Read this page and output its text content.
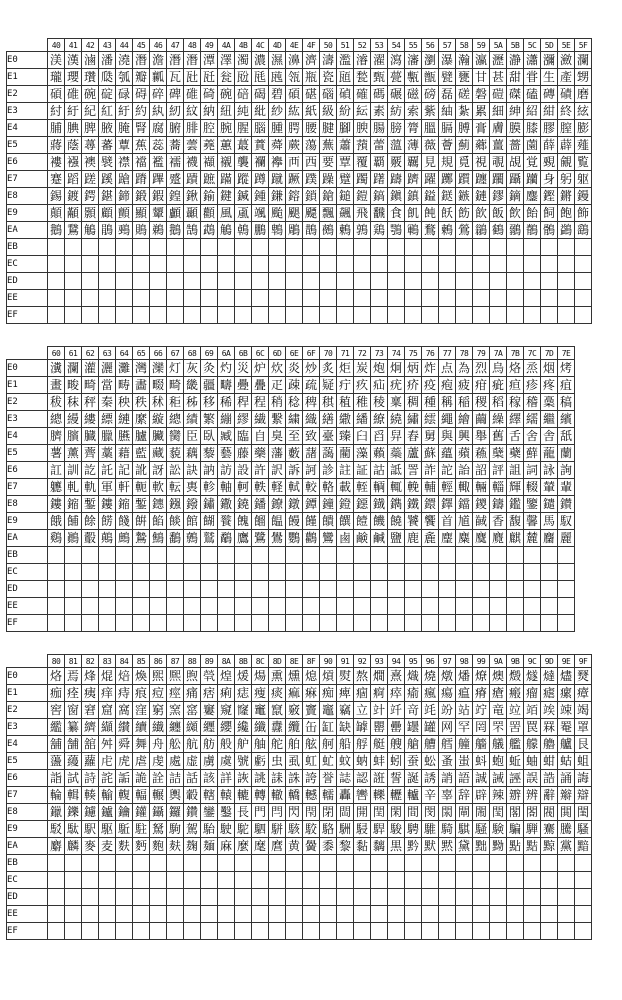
	40	41	42	43	44	45	46	47	48	49	4A	4B	4C	4D	4E	4F	50	51	52	53	54	55	56	57	58	59	5A	5B	5C	5D	5E	5F
E0	渼	漢	滷	潘	澆	潛	澹	潛	潛	潭	澤	濁	濃	濕	濞	濟	濤	濫	濬	濯	瀉	瀋	瀏	瀑	瀚	瀛	瀝	瀞	瀟	瀰	瀲	瀾
E1	瓏	瓔	瓚	瓞	瓠	瓣	瓤	瓦	瓧	瓩	瓮	瓰	瓱	瓲	瓴	瓶	瓷	瓸	甃	甄	甍	甎	甑	甓	甕	甘	甚	甜	甞	生	產	甥
E2	碩	碓	碗	碇	碌	碍	碎	碑	碓	碕	碗	碚	碣	碧	碩	碪	碯	碵	確	碼	碾	磁	磅	磊	磋	磐	磑	磔	磕	磚	磧	磨
E3	紂	紆	紀	紅	紆	約	紈	紉	紋	納	紐	純	紕	紗	紘	紙	級	紛	紜	素	紡	索	紫	紬	紮	累	細	紳	紹	紺	終	絃
E4	脯	腆	脾	腋	腌	腎	腐	腑	腓	腔	腕	腥	腦	腫	腭	腰	腱	腳	腴	腸	膀	膂	膃	膈	膊	膏	膚	膜	膝	膠	膣	膨
E5	蔣	蔭	蕁	蕃	蕈	蕉	蕊	蕎	蕓	蕘	蕙	蕞	蕡	蕣	蕨	蕩	蕪	蕭	蕷	蕾	薀	薄	薇	薈	薊	薌	薑	薔	薗	薛	薜	薤
E6	褸	襁	襖	襞	襟	襠	襤	襦	襪	襭	襯	襲	襴	襷	襾	西	要	覃	覆	覇	覈	覊	見	規	覓	視	覗	覘	覚	覡	覦	覧
E7	蹇	蹈	蹉	蹊	蹌	蹐	蹕	蹙	蹟	蹠	蹣	蹤	蹲	蹴	蹶	蹼	躁	躄	躅	躇	躊	躋	躍	躑	躓	躔	躙	躡	躪	身	躬	躯
E8	錫	鍍	鍔	鍖	鍗	鍛	鍜	鍠	鍬	鍮	鍵	鍼	鍾	鎌	鎔	鎖	鎗	鎚	鎧	鎬	鎭	鎮	鎰	鎹	鏃	鏈	鏐	鏑	鏖	鏗	鏘	鏝
E9	顛	顢	顥	顧	顫	顯	顰	顱	顳	顴	風	颪	颯	颱	颶	飃	飄	飆	飛	飜	食	飢	飩	飫	飭	飮	飯	飲	飴	飼	飽	飾
EA	鵝	鵞	鵤	鵑	鵐	鵙	鵜	鵝	鵠	鵡	鵤	鵫	鵬	鵯	鵰	鵲	鵺	鶇	鶉	鶏	鶚	鶤	鶩	鶫	鶯	鶲	鶴	鶸	鶺	鶻	鷁	鷂
EB																																
EC																																
ED																																
EE																																
EF																																
	60	61	62	63	64	65	66	67	68	69	6A	6B	6C	6D	6E	6F	70	71	72	73	74	75	76	77	78	79	7A	7B	7C	7D	7E
E0	瀵	瀾	灌	灑	灘	灣	灤	灯	灰	灸	灼	災	炉	炊	炎	炒	炙	炬	炭	炮	炯	炳	炸	点	為	烈	烏	烙	烝	烟	烤
E1	畫	畯	畸	當	畴	畵	畷	畸	畿	疆	疇	疉	疊	疋	疎	疏	疑	疔	疚	疝	疣	疥	疫	疱	疲	疳	疵	疸	疹	疼	疽
E2	秡	秣	秤	秦	秧	秩	秫	秬	秭	移	稀	稈	程	稍	稔	稗	稘	稙	稚	稜	稟	稠	種	稱	稲	稷	稻	稼	稽	稾	稿
E3	總	縵	縷	縹	縺	縻	縼	總	績	繁	繃	繆	繊	繋	繍	織	繕	繖	繙	繚	繞	繡	繧	繩	繪	繭	繰	繹	繻	繼	繽
E4	臍	臏	臓	臘	臙	臚	臟	臠	臣	臥	臧	臨	自	臭	至	致	臺	臻	臼	舀	舁	舂	舅	與	興	舉	舊	舌	舍	舎	舐
E5	薯	薰	薺	藁	藉	藍	藏	藐	藕	藜	藝	藤	藥	藩	藪	藷	藹	藺	藻	藾	蘂	蘆	蘇	蘊	蘋	蘓	蘖	蘗	蘚	蘢	蘭
E6	訌	訓	訖	託	記	訛	訝	訟	訣	訥	訪	設	許	訳	訴	訶	診	註	証	詁	詆	詈	詐	詑	詒	詔	評	詛	詞	詠	詢
E7	軈	軋	軌	軍	軒	軛	軟	転	軣	軫	軸	軻	軼	軽	軾	較	輅	載	輊	輌	輒	輓	輔	輕	輙	輛	輜	輝	輟	輦	輩
E8	鏤	鏥	鏨	鏤	鏥	鏨	鏸	鏹	鏺	鏽	鏾	鐃	鐇	鐐	鐓	鐔	鐘	鐙	鐚	鐡	鐫	鐵	鐶	鐸	鐺	鑁	鑄	鑑	鑒	鑓	鑚
E9	餓	餔	餘	餝	餞	餠	餡	餤	館	餬	餮	餽	餾	饂	饅	饉	饋	饌	饐	饑	饒	饕	饗	首	馗	馘	香	馥	馨	馬	馭
EA	鷄	鷆	鷇	鷏	鷓	鷙	鷦	鷭	鷯	鷲	鷸	鷹	鷺	鷽	鸚	鸛	鸞	鹵	鹸	鹹	鹽	鹿	麁	麈	麋	麌	麑	麒	麓	麕	麗
EB																															
EC																															
ED																															
EE																															
EF																															
	80	81	82	83	84	85	86	87	88	89	8A	8B	8C	8D	8E	8F	90	91	92	93	94	95	96	97	98	99	9A	9B	9C	9D	9E	9F
E0	烙	焉	烽	焜	焙	煥	煕	熈	煦	煢	煌	煖	煬	熏	燻	熄	熕	熨	熬	燗	熹	熾	燒	燉	燔	燎	燠	燬	燧	燵	燼	燹
E1	痂	痊	痍	痒	痔	痕	痘	痙	痛	痞	痢	痣	痩	痰	痲	痳	痴	痺	痼	痾	瘁	瘉	瘋	瘍	瘟	瘠	瘡	瘢	瘤	瘧	瘰	瘴
E2	窖	窗	窘	窟	窩	窪	窮	窯	窰	窶	窺	窿	竃	竄	竅	竇	竈	竊	立	竍	竏	竒	竓	竕	站	竚	竜	竝	竡	竢	竦	竭
E3	繿	纂	纃	纈	纉	續	纎	纏	纐	纒	纓	纔	纖	纛	纜	缶	缸	缺	罅	罌	罍	罎	罐	网	罕	罔	罘	罟	罠	罧	罨	罩
E4	舖	舗	舘	舛	舜	舞	舟	舩	航	舫	般	舮	舳	舵	舶	舷	舸	船	艀	艇	艘	艙	艚	艝	艟	艢	艤	艦	艨	艪	艫	艮
E5	蘯	蘰	蘿	虍	虎	虐	虔	處	虚	虜	虞	號	虧	虫	虱	虹	虻	蚊	蚋	蚌	蚓	蚕	蚣	蚤	蚩	蚪	蚫	蚯	蚰	蚶	蛄	蛆
E6	詣	試	詩	詫	詬	詭	詮	詰	話	該	詳	詼	誂	誄	誅	誇	誉	誌	認	誑	誓	誕	誘	誚	語	誠	誡	誣	誤	誥	誦	誨
E7	輪	輯	輳	輸	輹	輻	輾	輿	轂	轄	轅	轆	轉	轍	轎	轗	轜	轟	轡	轢	轣	轤	辛	辜	辞	辟	辣	辧	辨	辭	辮	辯
E8	鑞	鑠	鑢	鑪	鑰	鑵	鑷	鑼	鑽	鑾	鑿	長	門	閂	閃	閇	閉	閊	開	閏	閑	間	閔	閖	閘	閙	閠	閣	閤	閥	閧	閨
E9	駁	駄	駅	駆	駈	駐	駑	駒	駕	駘	駛	駝	駟	駢	駭	駮	駱	駲	駸	駻	駿	騁	騅	騎	騏	騒	験	騙	騨	騫	騰	騷
EA	麝	麟	麥	麦	麩	麪	麭	麸	麹	麺	麻	麼	麾	麿	黄	黌	黍	黎	黏	黐	黒	黔	默	黙	黛	黜	黝	點	黠	黥	黨	黯
EB																																
EC																																
ED																																
EE																																
EF																																
